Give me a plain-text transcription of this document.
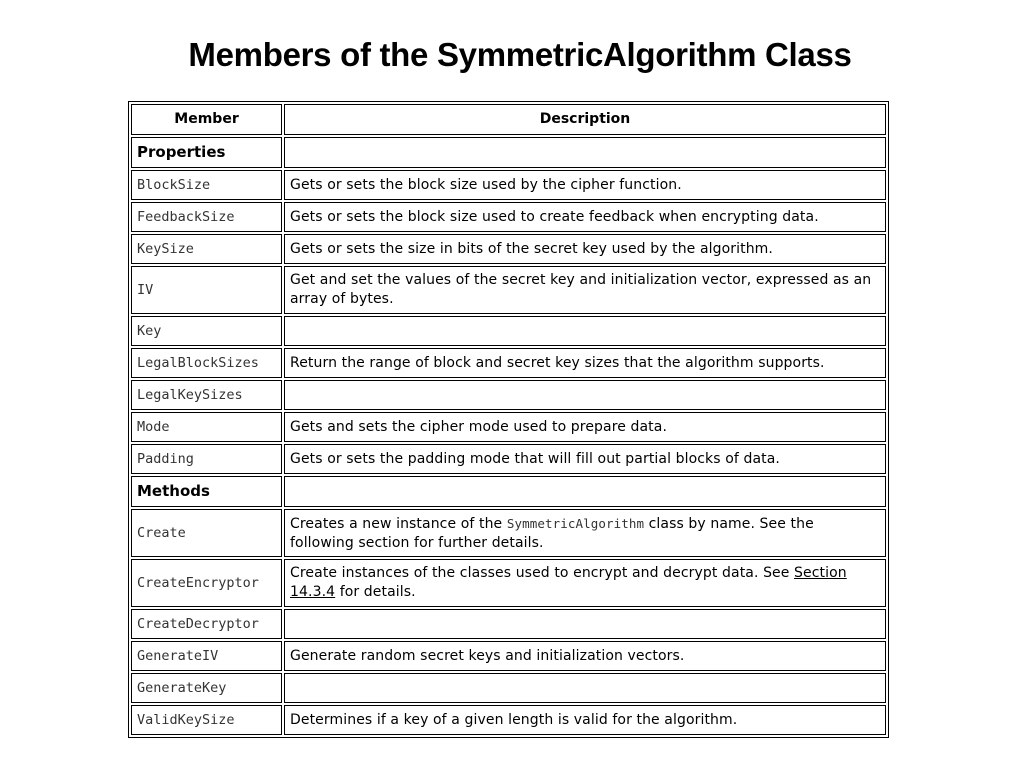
Members of the SymmetricAlgorithm Class
Member	Description
Properties	
BlockSize	Gets or sets the block size used by the cipher function.
FeedbackSize	Gets or sets the block size used to create feedback when encrypting data.
KeySize	Gets or sets the size in bits of the secret key used by the algorithm.
IV	Get and set the values of the secret key and initialization vector, expressed as an array of bytes.
Key	
LegalBlockSizes	Return the range of block and secret key sizes that the algorithm supports.
LegalKeySizes	
Mode	Gets and sets the cipher mode used to prepare data.
Padding	Gets or sets the padding mode that will fill out partial blocks of data.
Methods	
Create	Creates a new instance of the SymmetricAlgorithm class by name. See the following section for further details.
CreateEncryptor	Create instances of the classes used to encrypt and decrypt data. See Section 14.3.4 for details.
CreateDecryptor	
GenerateIV	Generate random secret keys and initialization vectors.
GenerateKey	
ValidKeySize	Determines if a key of a given length is valid for the algorithm.
